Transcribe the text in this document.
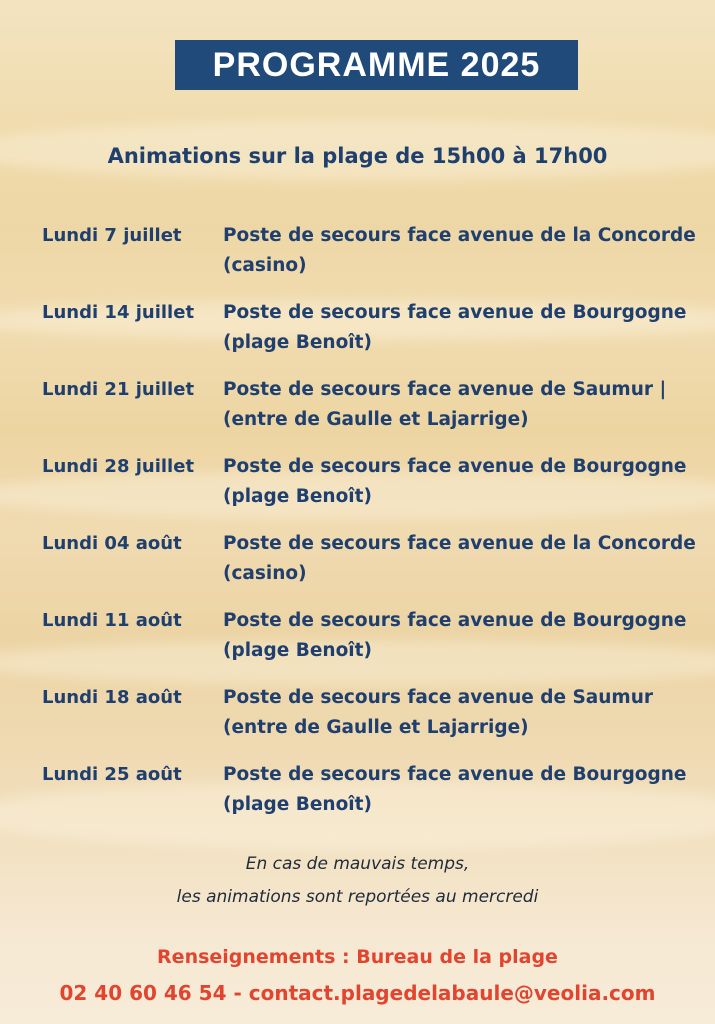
PROGRAMME 2025
Animations sur la plage de 15h00 à 17h00
Lundi 7 juillet	Poste de secours face avenue de la Concorde
(casino)
Lundi 14 juillet	Poste de secours face avenue de Bourgogne
(plage Benoît)
Lundi 21 juillet	Poste de secours face avenue de Saumur |
(entre de Gaulle et Lajarrige)
Lundi 28 juillet	Poste de secours face avenue de Bourgogne
(plage Benoît)
Lundi 04 août	Poste de secours face avenue de la Concorde
(casino)
Lundi 11 août	Poste de secours face avenue de Bourgogne
(plage Benoît)
Lundi 18 août	Poste de secours face avenue de Saumur
(entre de Gaulle et Lajarrige)
Lundi 25 août	Poste de secours face avenue de Bourgogne
(plage Benoît)
En cas de mauvais temps,
les animations sont reportées au mercredi
Renseignements : Bureau de la plage
02 40 60 46 54 - contact.plagedelabaule@veolia.com
